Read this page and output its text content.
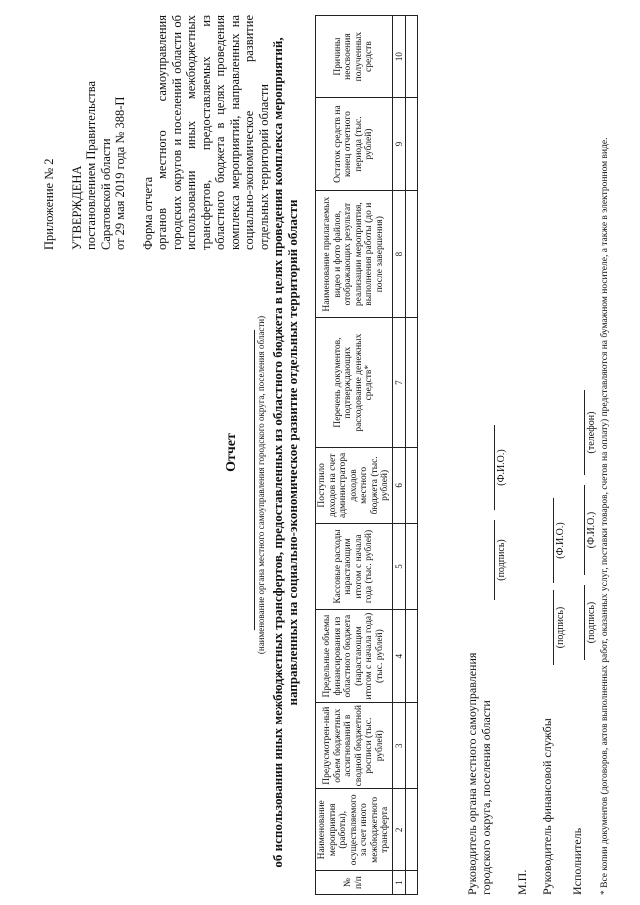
Приложение № 2 УТВЕРЖДЕНА постановлением Правительства Саратовской области от 29 мая 2019 года № 388-П Форма отчета органов местного самоуправления городских округов и поселений области об использовании иных межбюджетных трансфертов, предоставляемых из областного бюджета в целях проведения комплекса мероприятий, направленных на социально-экономическое развитие отдельных территорий области
Отчет (наименование органа местного самоуправления городского округа, поселения области) об использовании иных межбюджетных трансфертов, предоставленных из областного бюджета в целях проведения комплекса мероприятий, направленных на социально-экономическое развитие отдельных территорий области
№ п/п	Наименование мероприятия (работы), осуществляемого за счет иного межбюджетного трансферта	Предусмотрен-ный объем бюджетных ассигнований в сводной бюджетной росписи (тыс. рублей)	Предельные объемы финансирования из областного бюджета (нарастающим итогом с начала года) (тыс. рублей)	Кассовые расходы нарастающим итогом с начала года (тыс. рублей)	Поступило доходов на счет администратора доходов местного бюджета (тыс. рублей)	Перечень документов, подтверждающих расходование денежных средств*	Наименование прилагаемых видео и фото файлов, отображающих результат реализации мероприятия, выполнения работы (до и после завершения)	Остаток средств на конец отчетного периода (тыс. рублей)	Причины неосвоения полученных средств
1	2	3	4	5	6	7	8	9	10

Руководитель органа местного самоуправления городского округа, поселения области
(подпись)
(Ф.И.О.)
М.П. Руководитель финансовой службы
(подпись)
(Ф.И.О.)
Исполнитель
(подпись)
(Ф.И.О.)
(телефон) * Все копии документов (договоров, актов выполненных работ, оказанных услуг, поставки товаров, счетов на оплату) представляются на бумажном носителе, а также в электронном виде.
